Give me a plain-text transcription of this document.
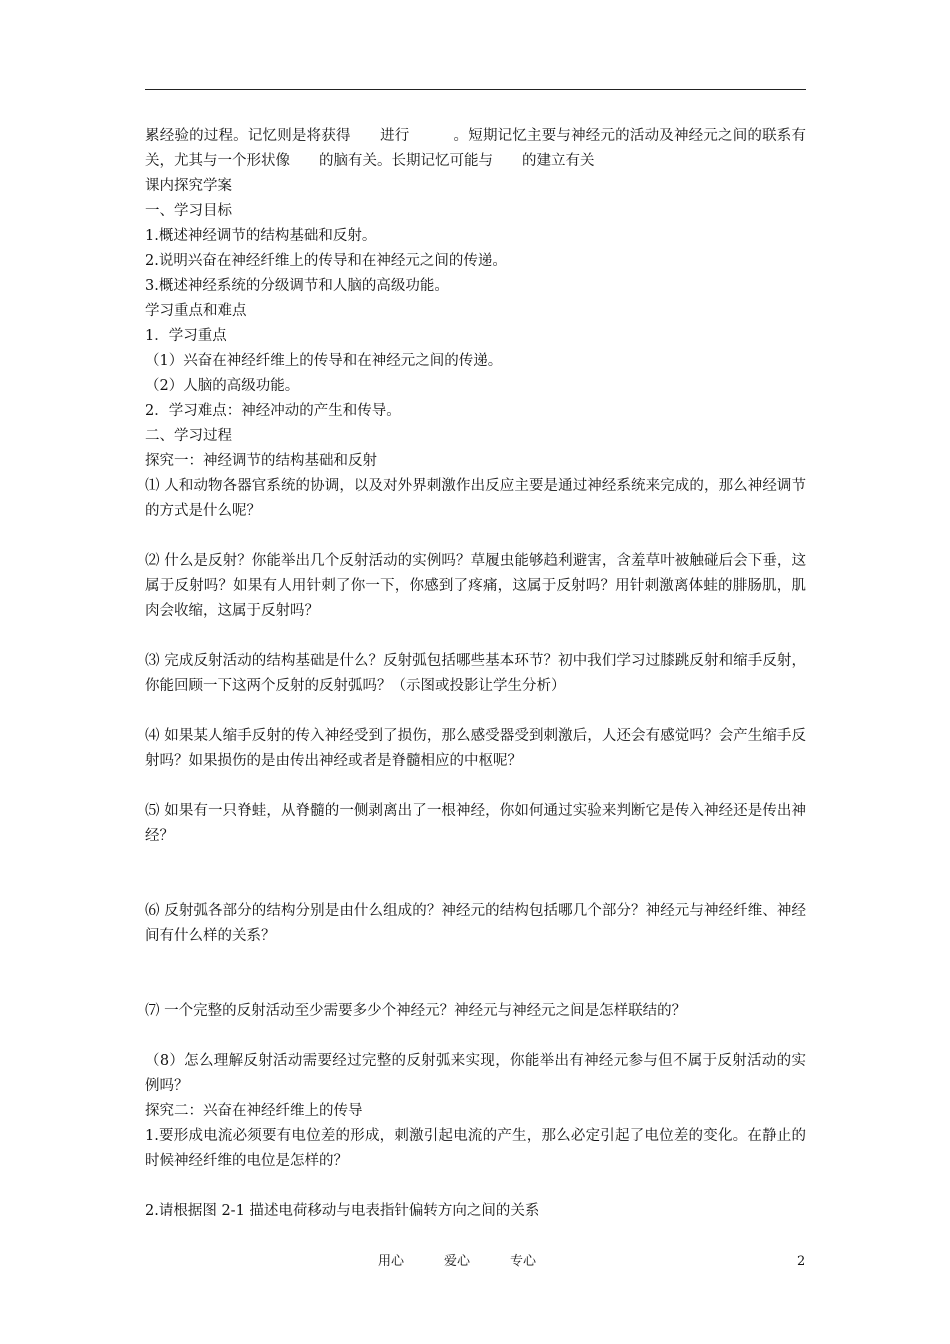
累经验的过程。记忆则是将获得　　进行　　　。短期记忆主要与神经元的活动及神经元之间的联系有关，尤其与一个形状像　　的脑有关。长期记忆可能与　　的建立有关

课内探究学案

一、学习目标

1.概述神经调节的结构基础和反射。

2.说明兴奋在神经纤维上的传导和在神经元之间的传递。

3.概述神经系统的分级调节和人脑的高级功能。

学习重点和难点

1．学习重点

（1）兴奋在神经纤维上的传导和在神经元之间的传递。

（2）人脑的高级功能。

2．学习难点：神经冲动的产生和传导。

二、学习过程

探究一：神经调节的结构基础和反射

⑴ 人和动物各器官系统的协调，以及对外界刺激作出反应主要是通过神经系统来完成的，那么神经调节的方式是什么呢？

⑵ 什么是反射？你能举出几个反射活动的实例吗？草履虫能够趋利避害，含羞草叶被触碰后会下垂，这属于反射吗？如果有人用针刺了你一下，你感到了疼痛，这属于反射吗？用针刺激离体蛙的腓肠肌，肌肉会收缩，这属于反射吗？

⑶ 完成反射活动的结构基础是什么？反射弧包括哪些基本环节？初中我们学习过膝跳反射和缩手反射，你能回顾一下这两个反射的反射弧吗？（示图或投影让学生分析）

⑷ 如果某人缩手反射的传入神经受到了损伤，那么感受器受到刺激后，人还会有感觉吗？会产生缩手反射吗？如果损伤的是由传出神经或者是脊髓相应的中枢呢？

⑸ 如果有一只脊蛙，从脊髓的一侧剥离出了一根神经，你如何通过实验来判断它是传入神经还是传出神经？

⑹ 反射弧各部分的结构分别是由什么组成的？神经元的结构包括哪几个部分？神经元与神经纤维、神经间有什么样的关系？

⑺ 一个完整的反射活动至少需要多少个神经元？神经元与神经元之间是怎样联结的？

（8）怎么理解反射活动需要经过完整的反射弧来实现，你能举出有神经元参与但不属于反射活动的实例吗？

探究二：兴奋在神经纤维上的传导

1.要形成电流必须要有电位差的形成，刺激引起电流的产生，那么必定引起了电位差的变化。在静止的时候神经纤维的电位是怎样的？

2.请根据图 2-1 描述电荷移动与电表指针偏转方向之间的关系

用心	爱心	专心	2
